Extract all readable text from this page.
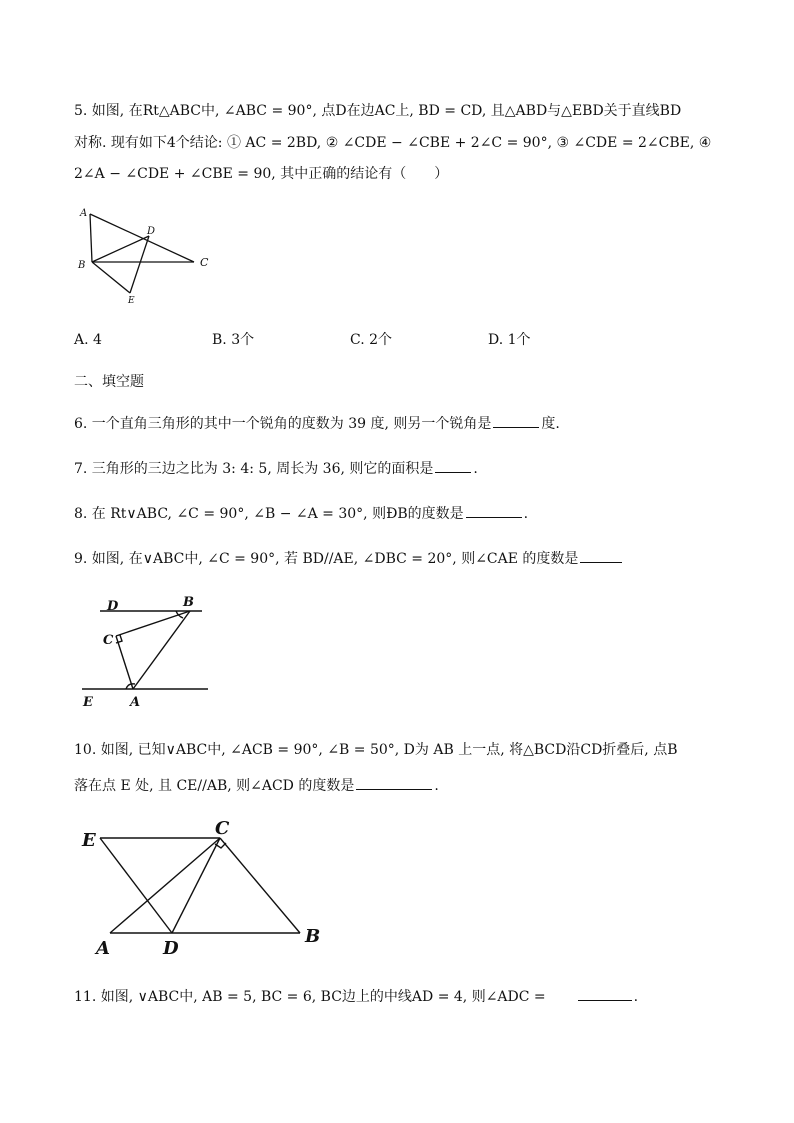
5. 如图, 在Rt△ABC中, ∠ABC = 90°, 点D在边AC上, BD = CD, 且△ABD与△EBD关于直线BD
对称. 现有如下4个结论: ① AC = 2BD, ② ∠CDE − ∠CBE + 2∠C = 90°, ③ ∠CDE = 2∠CBE, ④
2∠A − ∠CDE + ∠CBE = 90, 其中正确的结论有（　　）
A
D
B	C
E
A. 4	B. 3个	C. 2个	D. 1个
二、填空题
6. 一个直角三角形的其中一个锐角的度数为 39 度, 则另一个锐角是	度.
7. 三角形的三边之比为 3: 4: 5, 周长为 36, 则它的面积是	.
8. 在 Rt∨ABC, ∠C = 90°, ∠B − ∠A = 30°, 则ÐB的度数是	.
9. 如图, 在∨ABC中, ∠C = 90°, 若 BD//AE, ∠DBC = 20°, 则∠CAE 的度数是
D	B
C
E	A
10. 如图, 已知∨ABC中, ∠ACB = 90°, ∠B = 50°, D为 AB 上一点, 将△BCD沿CD折叠后, 点B
落在点 E 处, 且 CE//AB, 则∠ACD 的度数是	.
E
C
A	D
B
11. 如图, ∨ABC中, AB = 5, BC = 6, BC边上的中线AD = 4, 则∠ADC =	.
